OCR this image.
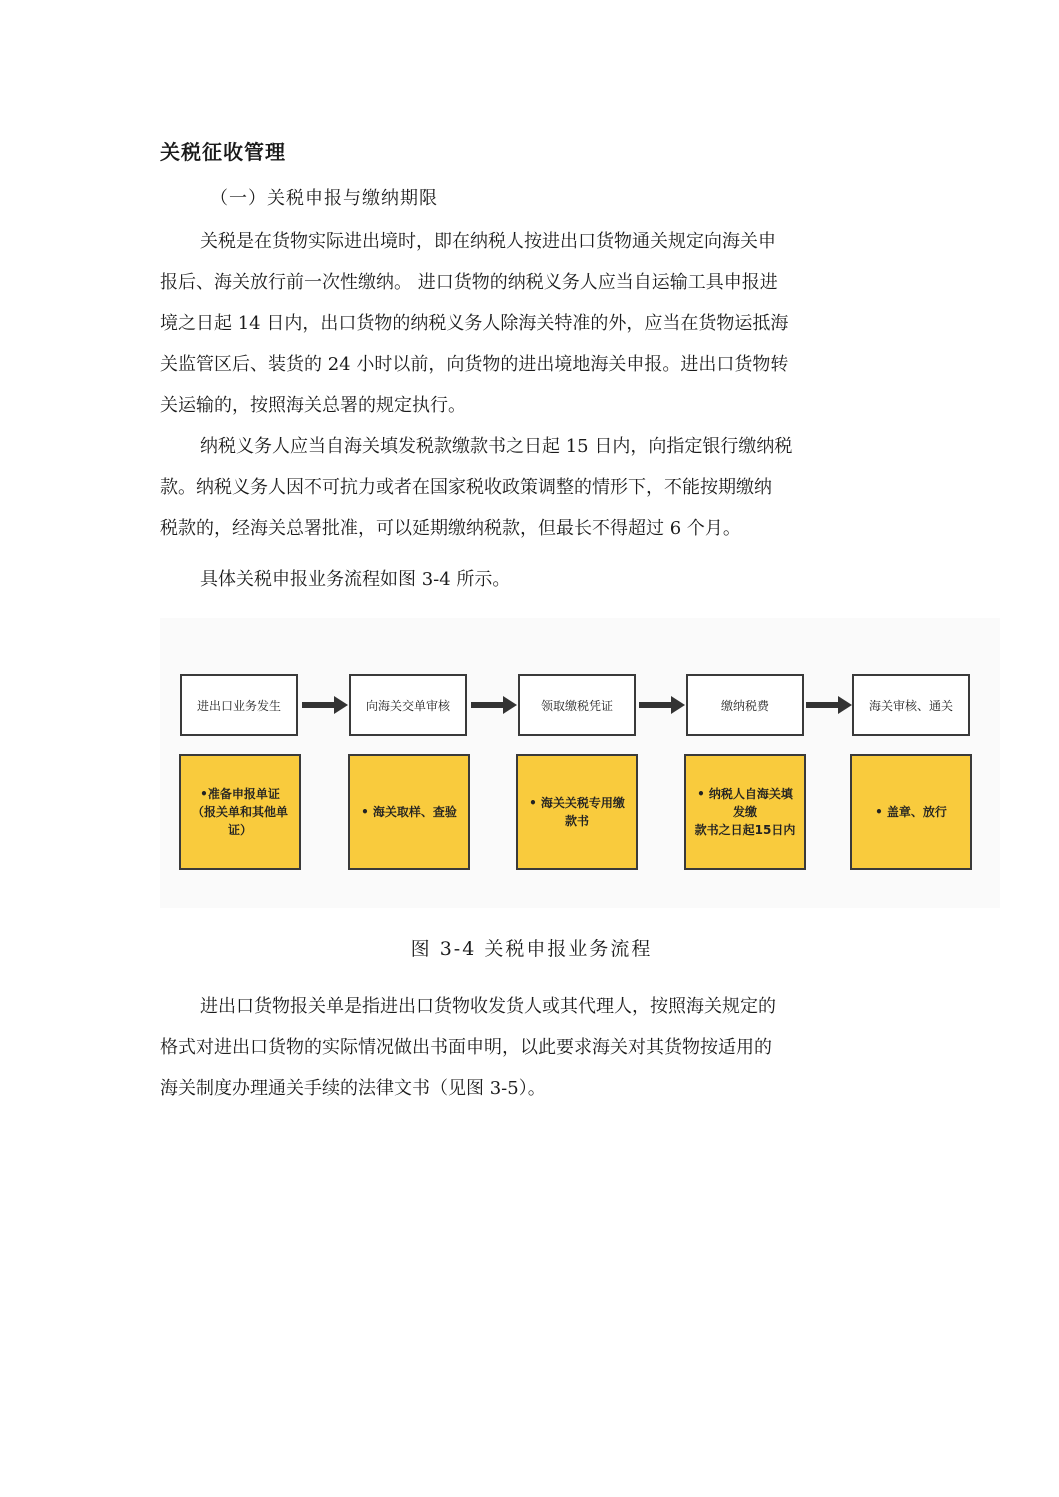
关税征收管理
（一）关税申报与缴纳期限
关税是在货物实际进出境时，即在纳税人按进出口货物通关规定向海关申
报后、海关放行前一次性缴纳。 进口货物的纳税义务人应当自运输工具申报进
境之日起 14 日内，出口货物的纳税义务人除海关特准的外，应当在货物运抵海
关监管区后、装货的 24 小时以前，向货物的进出境地海关申报。进出口货物转
关运输的，按照海关总署的规定执行。
纳税义务人应当自海关填发税款缴款书之日起 15 日内，向指定银行缴纳税
款。纳税义务人因不可抗力或者在国家税收政策调整的情形下，不能按期缴纳
税款的，经海关总署批准，可以延期缴纳税款，但最长不得超过 6 个月。
具体关税申报业务流程如图 3-4 所示。
进出口业务发生	向海关交单审核	领取缴税凭证	缴纳税费	海关审核、通关
•准备申报单证
（报关单和其他单证）
• 海关取样、查验
• 海关关税专用缴款书
• 纳税人自海关填发缴
款书之日起15日内
• 盖章、放行
图 3-4 关税申报业务流程
进出口货物报关单是指进出口货物收发货人或其代理人，按照海关规定的
格式对进出口货物的实际情况做出书面申明，以此要求海关对其货物按适用的
海关制度办理通关手续的法律文书（见图 3-5）。
